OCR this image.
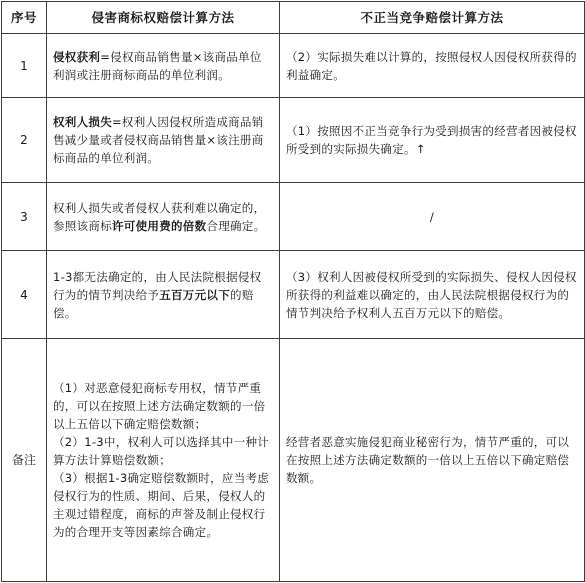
序号	侵害商标权赔偿计算方法	不正当竞争赔偿计算方法
1	侵权获利=侵权商品销售量×该商品单位利润或注册商标商品的单位利润。	（2）实际损失难以计算的，按照侵权人因侵权所获得的利益确定。
2	权利人损失=权利人因侵权所造成商品销售减少量或者侵权商品销售量×该注册商标商品的单位利润。	（1）按照因不正当竞争行为受到损害的经营者因被侵权所受到的实际损失确定。↑
3	权利人损失或者侵权人获利难以确定的，参照该商标许可使用费的倍数合理确定。	/
4	1-3都无法确定的，由人民法院根据侵权行为的情节判决给予五百万元以下的赔偿。	（3）权利人因被侵权所受到的实际损失、侵权人因侵权所获得的利益难以确定的，由人民法院根据侵权行为的情节判决给予权利人五百万元以下的赔偿。
备注	（1）对恶意侵犯商标专用权，情节严重的，可以在按照上述方法确定数额的一倍以上五倍以下确定赔偿数额；
（2）1-3中，权利人可以选择其中一种计算方法计算赔偿数额；
（3）根据1-3确定赔偿数额时，应当考虑侵权行为的性质、期间、后果，侵权人的主观过错程度，商标的声誉及制止侵权行为的合理开支等因素综合确定。	经营者恶意实施侵犯商业秘密行为，情节严重的，可以在按照上述方法确定数额的一倍以上五倍以下确定赔偿数额。
